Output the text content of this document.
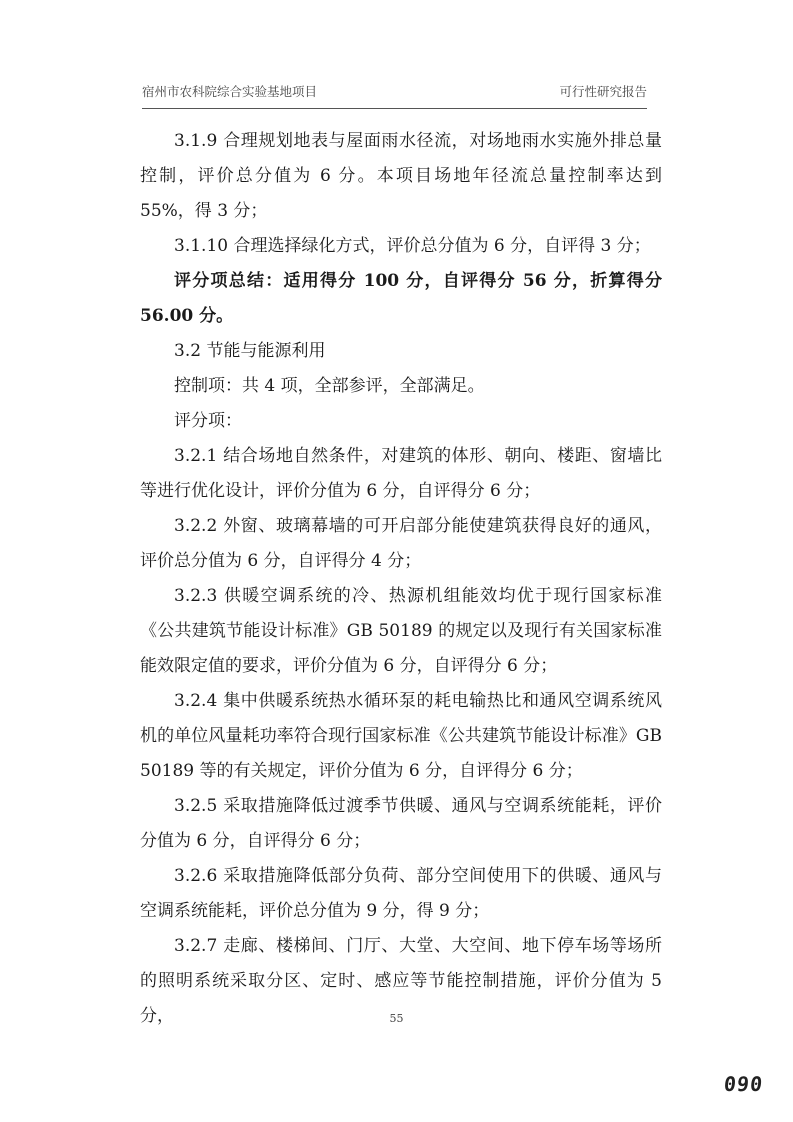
宿州市农科院综合实验基地项目	可行性研究报告

3.1.9 合理规划地表与屋面雨水径流，对场地雨水实施外排总量控制，评价总分值为 6 分。本项目场地年径流总量控制率达到 55%，得 3 分；

3.1.10 合理选择绿化方式，评价总分值为 6 分，自评得 3 分；

评分项总结：适用得分 100 分，自评得分 56 分，折算得分 56.00 分。

3.2 节能与能源利用

控制项：共 4 项，全部参评，全部满足。

评分项：

3.2.1 结合场地自然条件，对建筑的体形、朝向、楼距、窗墙比等进行优化设计，评价分值为 6 分，自评得分 6 分；

3.2.2 外窗、玻璃幕墙的可开启部分能使建筑获得良好的通风，评价总分值为 6 分，自评得分 4 分；

3.2.3 供暖空调系统的冷、热源机组能效均优于现行国家标准《公共建筑节能设计标准》GB 50189 的规定以及现行有关国家标准能效限定值的要求，评价分值为 6 分，自评得分 6 分；

3.2.4 集中供暖系统热水循环泵的耗电输热比和通风空调系统风机的单位风量耗功率符合现行国家标准《公共建筑节能设计标准》GB 50189 等的有关规定，评价分值为 6 分，自评得分 6 分；

3.2.5 采取措施降低过渡季节供暖、通风与空调系统能耗，评价分值为 6 分，自评得分 6 分；

3.2.6 采取措施降低部分负荷、部分空间使用下的供暖、通风与空调系统能耗，评价总分值为 9 分，得 9 分；

3.2.7 走廊、楼梯间、门厅、大堂、大空间、地下停车场等场所的照明系统采取分区、定时、感应等节能控制措施，评价分值为 5 分，	55
090
